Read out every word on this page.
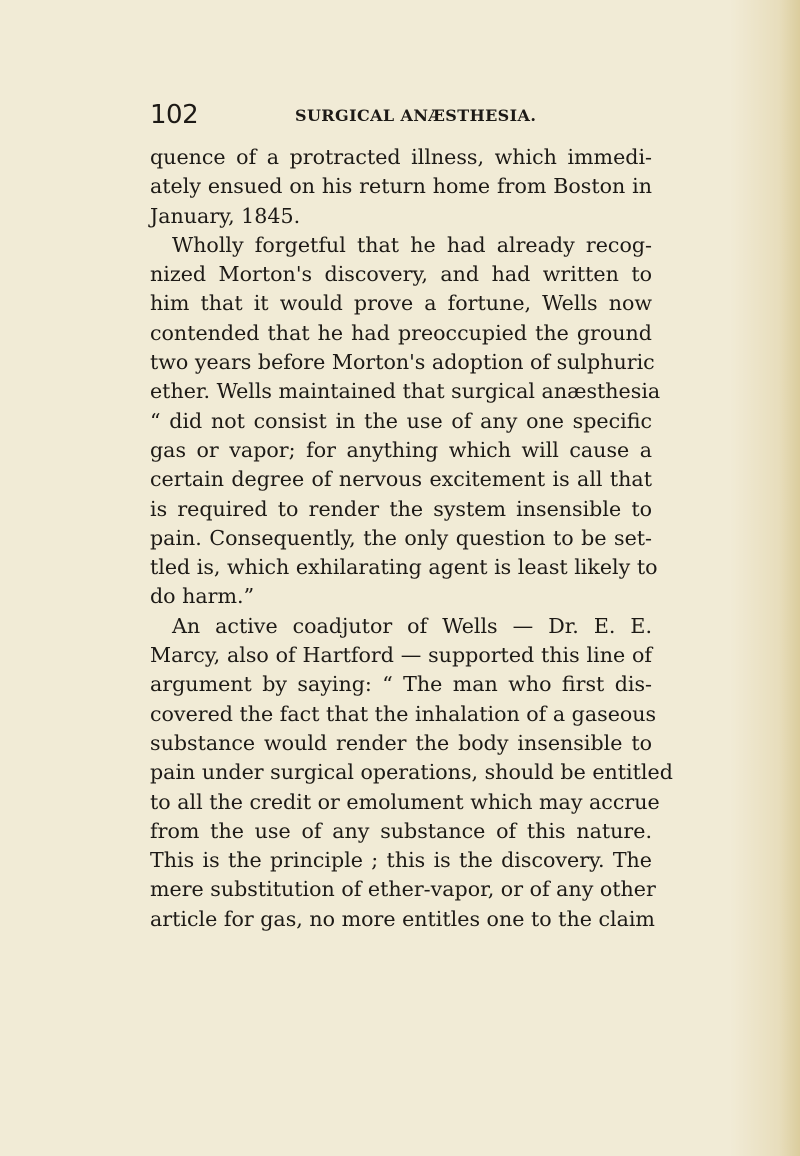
102	SURGICAL ANÆSTHESIA.
quence of a protracted illness, which immedi-
ately ensued on his return home from Boston in
January, 1845.
Wholly forgetful that he had already recog-
nized Morton's discovery, and had written to
him that it would prove a fortune, Wells now
contended that he had preoccupied the ground
two years before Morton's adoption of sulphuric
ether. Wells maintained that surgical anæsthesia
“ did not consist in the use of any one specific
gas or vapor; for anything which will cause a
certain degree of nervous excitement is all that
is required to render the system insensible to
pain. Consequently, the only question to be set-
tled is, which exhilarating agent is least likely to
do harm.”
An active coadjutor of Wells — Dr. E. E.
Marcy, also of Hartford — supported this line of
argument by saying: “ The man who first dis-
covered the fact that the inhalation of a gaseous
substance would render the body insensible to
pain under surgical operations, should be entitled
to all the credit or emolument which may accrue
from the use of any substance of this nature.
This is the principle ; this is the discovery. The
mere substitution of ether-vapor, or of any other
article for gas, no more entitles one to the claim
